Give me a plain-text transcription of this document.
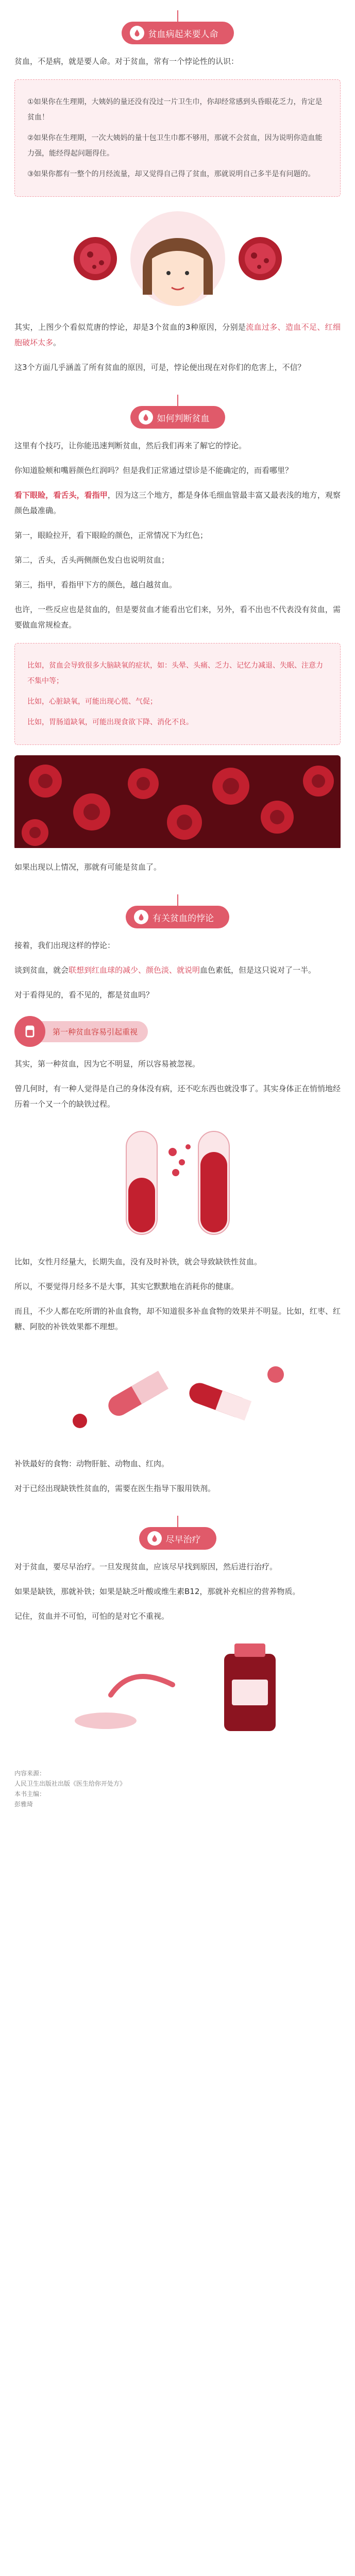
贫血病起来要人命

贫血，不是病，就是要人命。对于贫血，常有一个悖论性的认识：

①如果你在生理期，大姨妈的量还没有没过一片卫生巾，你却经常感到头昏眼花乏力，肯定是贫血！

②如果你在生理期，一次大姨妈的量十包卫生巾都不够用，那就不会贫血，因为说明你造血能力强，能经得起问题得住。

③如果你都有一整个的月经流量，却又觉得自己得了贫血，那就说明自己多半是有问题的。

其实，上图少个看似荒唐的悖论，却是3个贫血的3种原因，分别是流血过多、造血不足、红细胞破坏太多。

这3个方面几乎涵盖了所有贫血的原因，可是，悖论便出现在对你们的危害上，不信？

如何判断贫血

这里有个技巧，让你能迅速判断贫血，然后我们再来了解它的悖论。

你知道脸颊和嘴唇颜色红润吗？但是我们正常通过望诊是不能确定的，而看哪里？

看下眼睑，看舌头，看指甲，因为这三个地方，都是身体毛细血管最丰富又最表浅的地方，观察颜色最准确。

第一，眼睑拉开，看下眼睑的颜色，正常情况下为红色；

第二，舌头，舌头两侧颜色发白也说明贫血；

第三，指甲，看指甲下方的颜色，越白越贫血。

也许，一些反应也是贫血的，但是要贫血才能看出它们来，另外，看不出也不代表没有贫血，需要做血常规检查。

比如，贫血会导致很多大脑缺氧的症状，如：头晕、头痛、乏力、记忆力减退、失眠、注意力不集中等；

比如，心脏缺氧，可能出现心慌、气促；

比如，胃肠道缺氧，可能出现食欲下降、消化不良。

如果出现以上情况，那就有可能是贫血了。

有关贫血的悖论

接着，我们出现这样的悖论：

谈到贫血，就会联想到红血球的减少、颜色淡、就说明血色素低，但是这只说对了一半。

对于看得见的，看不见的，都是贫血吗？

第一种贫血容易引起重视

其实，第一种贫血，因为它不明显，所以容易被忽视。

曾几何时，有一种人觉得是自己的身体没有病，还不吃东西也就没事了。其实身体正在悄悄地经历着一个又一个的缺铁过程。

比如，女性月经量大，长期失血，没有及时补铁，就会导致缺铁性贫血。

所以，不要觉得月经多不是大事，其实它默默地在消耗你的健康。

而且，不少人都在吃所谓的补血食物，却不知道很多补血食物的效果并不明显。比如，红枣、红糖、阿胶的补铁效果都不理想。

补铁最好的食物：动物肝脏、动物血、红肉。

对于已经出现缺铁性贫血的，需要在医生指导下服用铁剂。

尽早治疗

对于贫血，要尽早治疗。一旦发现贫血，应该尽早找到原因，然后进行治疗。

如果是缺铁，那就补铁；如果是缺乏叶酸或维生素B12，那就补充相应的营养物质。

记住，贫血并不可怕，可怕的是对它不重视。

内容来源：
人民卫生出版社出版《医生给你开处方》
本书主编：
彭雅琦
